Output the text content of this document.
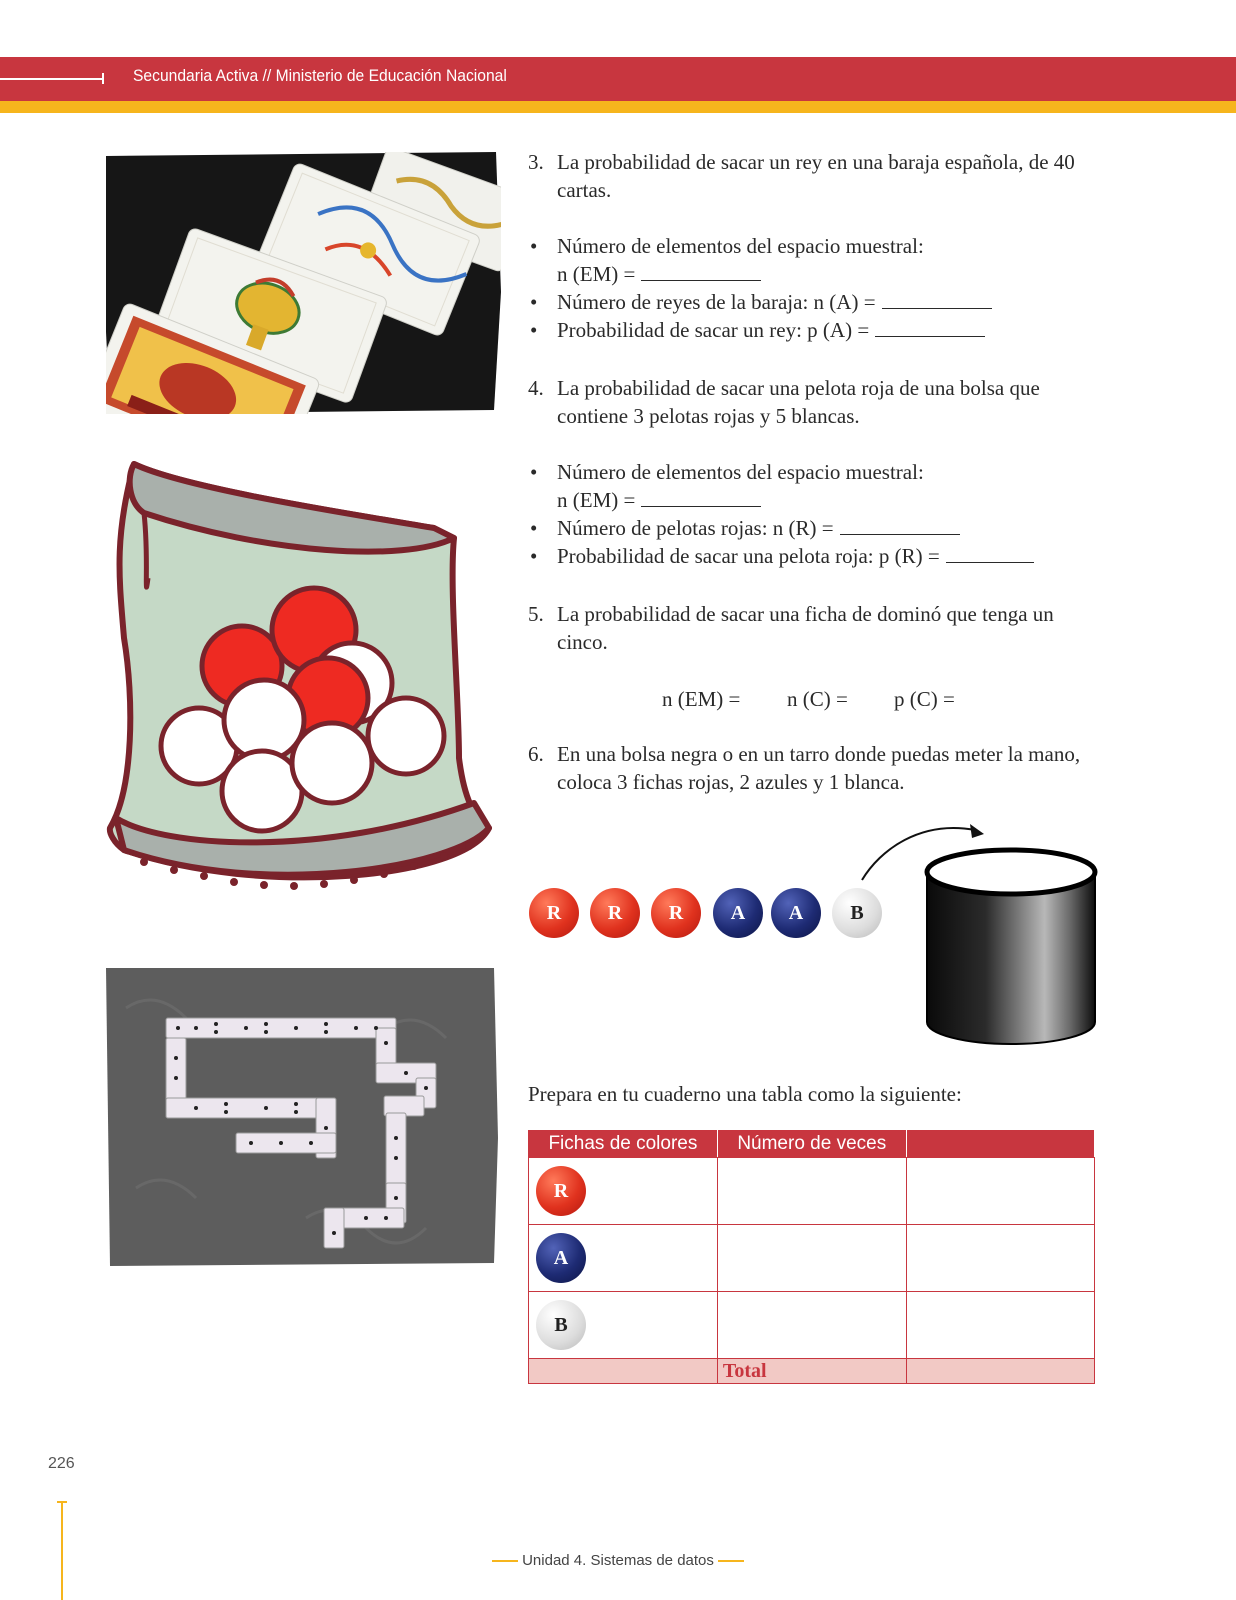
Secundaria Activa // Ministerio de Educación Nacional
3. La probabilidad de sacar un rey en una baraja española, de 40 cartas.
• Número de elementos del espacio muestral:
n (EM) =
• Número de reyes de la baraja: n (A) =
• Probabilidad de sacar un rey: p (A) =
4. La probabilidad de sacar una pelota roja de una bolsa que contiene 3 pelotas rojas y 5 blancas.
• Número de elementos del espacio muestral:
n (EM) =
• Número de pelotas rojas: n (R) =
• Probabilidad de sacar una pelota roja: p (R) =
5. La probabilidad de sacar una ficha de dominó que tenga un cinco.
n (EM) = n (C) = p (C) =
6. En una bolsa negra o en un tarro donde puedas meter la mano, coloca 3 fichas rojas, 2 azules y 1 blanca.
R	R	R	A	A	B
Prepara en tu cuaderno una tabla como la siguiente:
Fichas de colores	Número de veces	

R		

A		

B		

	Total	
226
Unidad 4. Sistemas de datos
